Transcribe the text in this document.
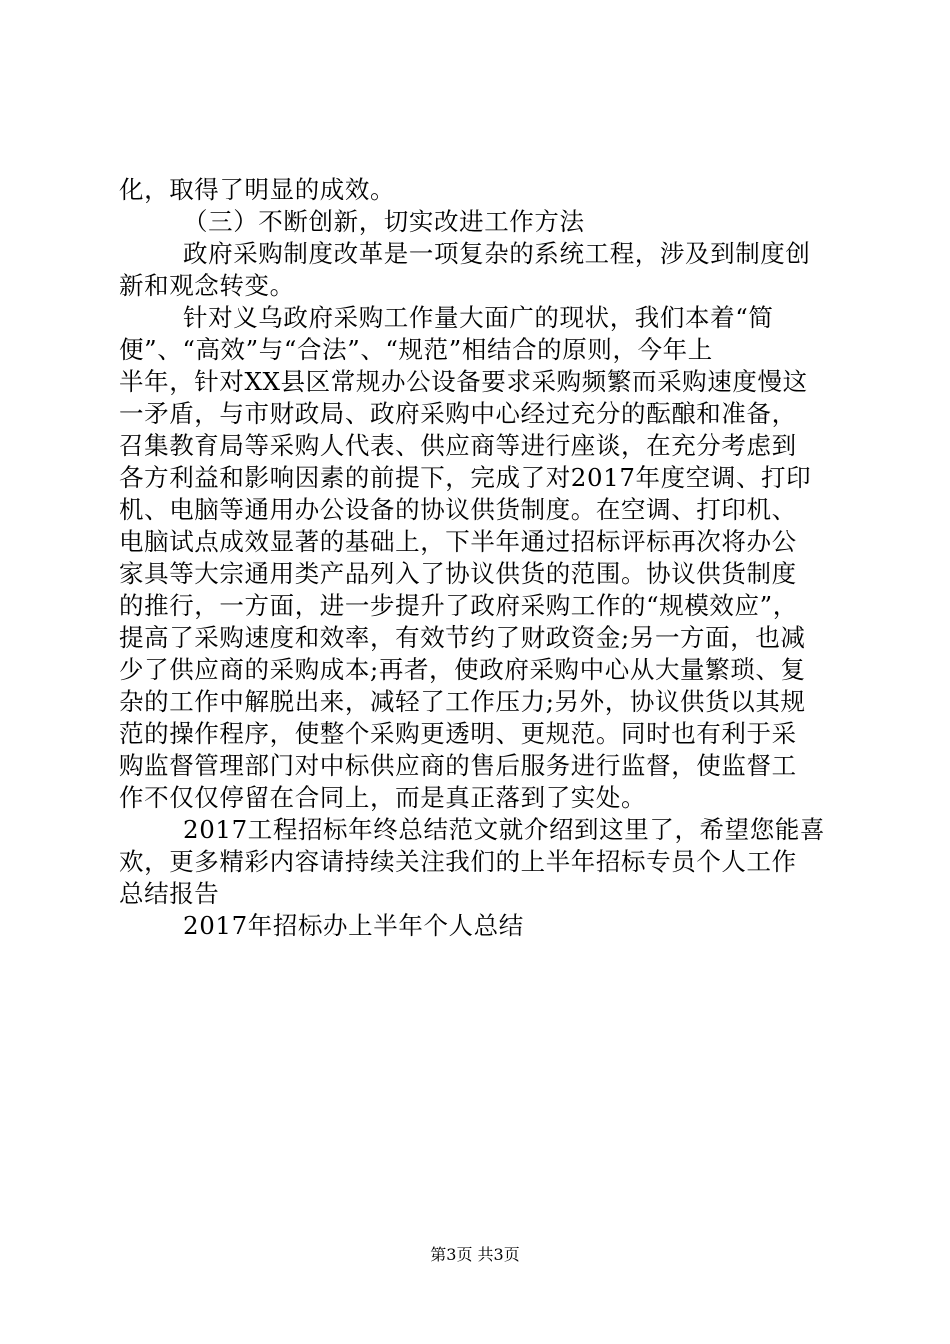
化，取得了明显的成效。
（三）不断创新，切实改进工作方法
政府采购制度改革是一项复杂的系统工程，涉及到制度创
新和观念转变。
针对义乌政府采购工作量大面广的现状，我们本着“简
便”、“高效”与“合法”、“规范”相结合的原则，今年上
半年，针对XX县区常规办公设备要求采购频繁而采购速度慢这
一矛盾，与市财政局、政府采购中心经过充分的酝酿和准备，
召集教育局等采购人代表、供应商等进行座谈，在充分考虑到
各方利益和影响因素的前提下，完成了对2017年度空调、打印
机、电脑等通用办公设备的协议供货制度。在空调、打印机、
电脑试点成效显著的基础上，下半年通过招标评标再次将办公
家具等大宗通用类产品列入了协议供货的范围。协议供货制度
的推行，一方面，进一步提升了政府采购工作的“规模效应”，
提高了采购速度和效率，有效节约了财政资金;另一方面，也减
少了供应商的采购成本;再者，使政府采购中心从大量繁琐、复
杂的工作中解脱出来，减轻了工作压力;另外，协议供货以其规
范的操作程序，使整个采购更透明、更规范。同时也有利于采
购监督管理部门对中标供应商的售后服务进行监督，使监督工
作不仅仅停留在合同上，而是真正落到了实处。
2017工程招标年终总结范文就介绍到这里了，希望您能喜
欢，更多精彩内容请持续关注我们的上半年招标专员个人工作
总结报告
2017年招标办上半年个人总结
第3页 共3页
